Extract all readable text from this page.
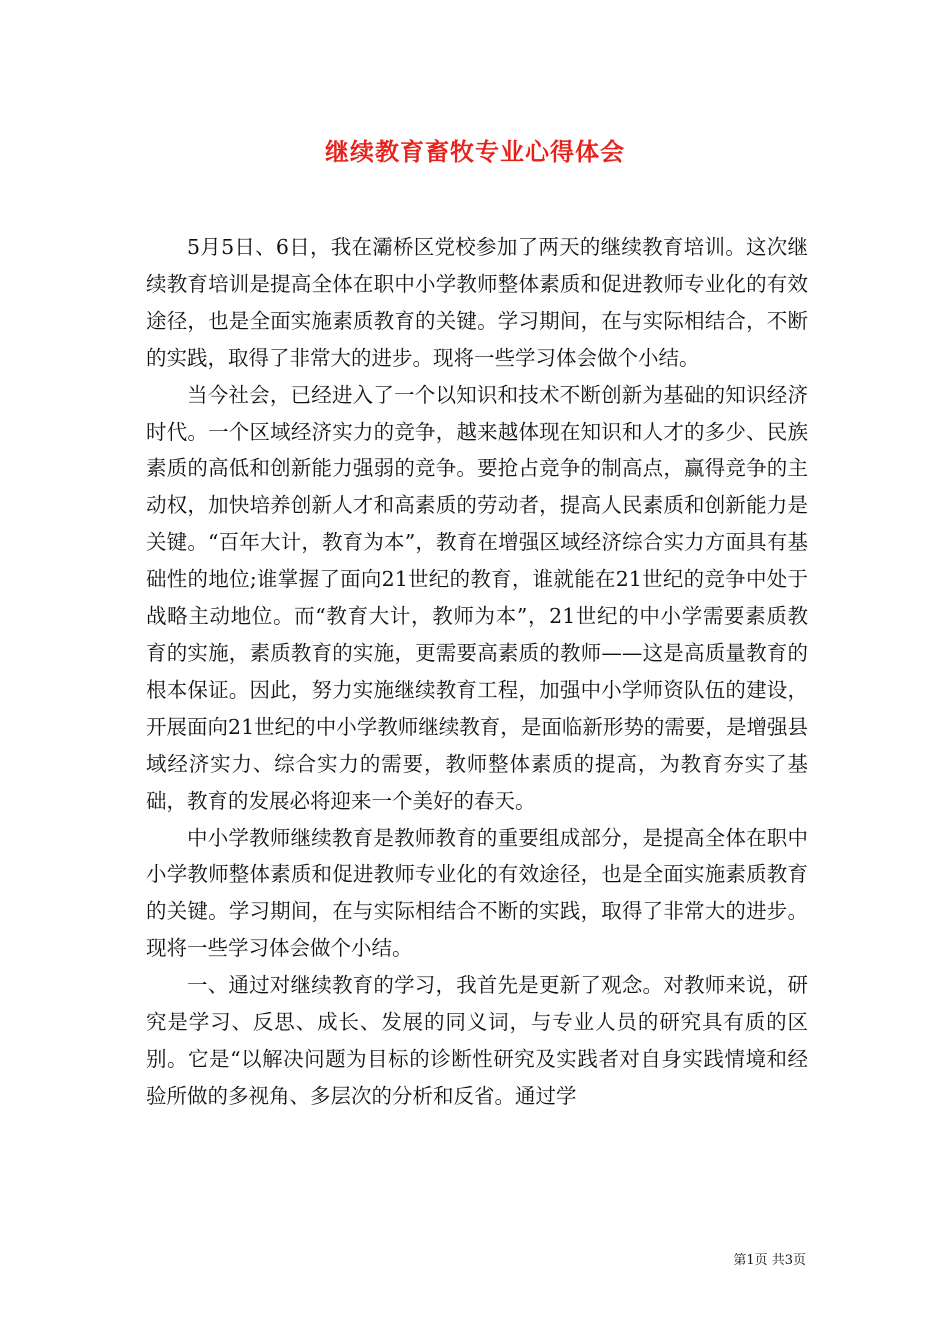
继续教育畜牧专业心得体会

5月5日、6日，我在灞桥区党校参加了两天的继续教育培训。这次继续教育培训是提高全体在职中小学教师整体素质和促进教师专业化的有效途径，也是全面实施素质教育的关键。学习期间，在与实际相结合，不断的实践，取得了非常大的进步。现将一些学习体会做个小结。

当今社会，已经进入了一个以知识和技术不断创新为基础的知识经济时代。一个区域经济实力的竞争，越来越体现在知识和人才的多少、民族素质的高低和创新能力强弱的竞争。要抢占竞争的制高点，赢得竞争的主动权，加快培养创新人才和高素质的劳动者，提高人民素质和创新能力是关键。“百年大计，教育为本”，教育在增强区域经济综合实力方面具有基础性的地位;谁掌握了面向21世纪的教育，谁就能在21世纪的竞争中处于战略主动地位。而“教育大计，教师为本”，21世纪的中小学需要素质教育的实施，素质教育的实施，更需要高素质的教师——这是高质量教育的根本保证。因此，努力实施继续教育工程，加强中小学师资队伍的建设，开展面向21世纪的中小学教师继续教育，是面临新形势的需要，是增强县域经济实力、综合实力的需要，教师整体素质的提高，为教育夯实了基础，教育的发展必将迎来一个美好的春天。

中小学教师继续教育是教师教育的重要组成部分，是提高全体在职中小学教师整体素质和促进教师专业化的有效途径，也是全面实施素质教育的关键。学习期间，在与实际相结合不断的实践，取得了非常大的进步。现将一些学习体会做个小结。

一、通过对继续教育的学习，我首先是更新了观念。对教师来说，研究是学习、反思、成长、发展的同义词，与专业人员的研究具有质的区别。它是“以解决问题为目标的诊断性研究及实践者对自身实践情境和经验所做的多视角、多层次的分析和反省。通过学

第1页 共3页
